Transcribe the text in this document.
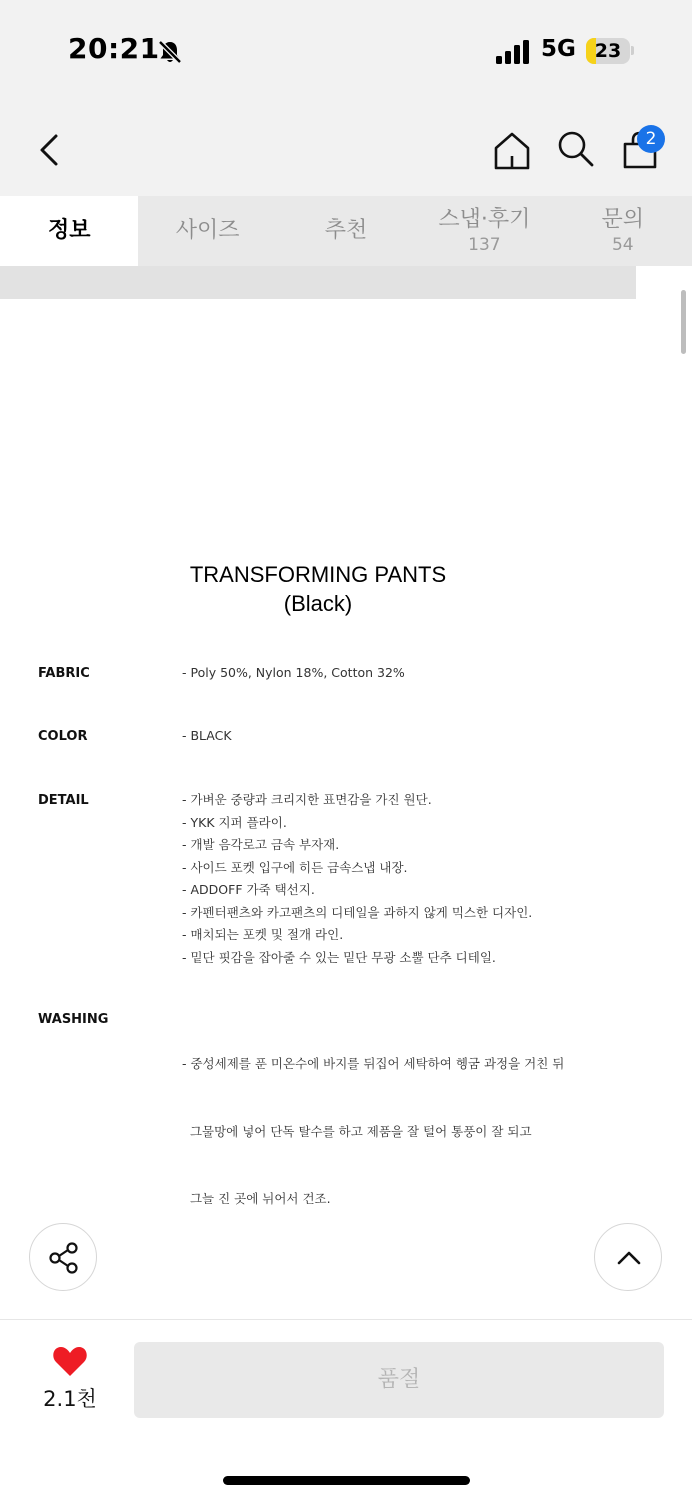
20:21	5G 23
2
정보	사이즈	추천	스냅·후기
137
문의
54
TRANSFORMING PANTS
(Black)
FABRIC	- Poly 50%, Nylon 18%, Cotton 32%
COLOR	- BLACK
DETAIL	- 가벼운 중량과 크리지한 표면감을 가진 원단.
- YKK 지퍼 플라이.
- 개발 음각로고 금속 부자재.
- 사이드 포켓 입구에 히든 금속스냅 내장.
- ADDOFF 가죽 택선지.
- 카펜터팬츠와 카고팬츠의 디테일을 과하지 않게 믹스한 디자인.
- 매치되는 포켓 및 절개 라인.
- 밑단 핏감을 잡아줄 수 있는 밑단 무광 소뿔 단추 디테일.
WASHING

- 중성세제를 푼 미온수에 바지를 뒤집어 세탁하여 헹굼 과정을 거친 뒤

그물망에 넣어 단독 탈수를 하고 제품을 잘 털어 통풍이 잘 되고

그늘 진 곳에 뉘어서 건조.

2.1천
품절
